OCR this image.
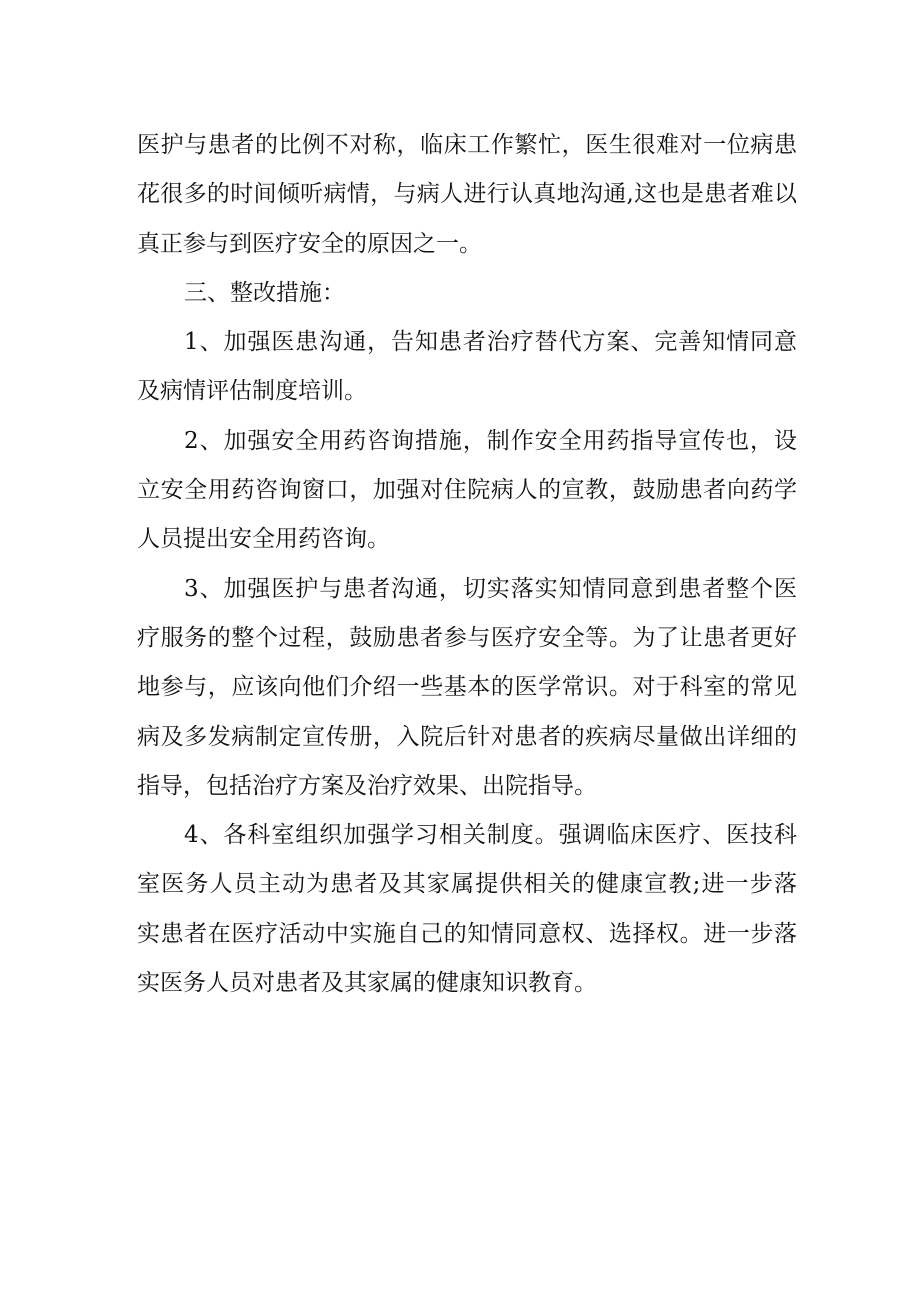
医护与患者的比例不对称，临床工作繁忙，医生很难对一位病患
花很多的时间倾听病情，与病人进行认真地沟通,这也是患者难以
真正参与到医疗安全的原因之一。
三、整改措施：
1、加强医患沟通，告知患者治疗替代方案、完善知情同意
及病情评估制度培训。
2、加强安全用药咨询措施，制作安全用药指导宣传也，设
立安全用药咨询窗口，加强对住院病人的宣教，鼓励患者向药学
人员提出安全用药咨询。
3、加强医护与患者沟通，切实落实知情同意到患者整个医
疗服务的整个过程，鼓励患者参与医疗安全等。为了让患者更好
地参与，应该向他们介绍一些基本的医学常识。对于科室的常见
病及多发病制定宣传册，入院后针对患者的疾病尽量做出详细的
指导，包括治疗方案及治疗效果、出院指导。
4、各科室组织加强学习相关制度。强调临床医疗、医技科
室医务人员主动为患者及其家属提供相关的健康宣教;进一步落
实患者在医疗活动中实施自己的知情同意权、选择权。进一步落
实医务人员对患者及其家属的健康知识教育。
